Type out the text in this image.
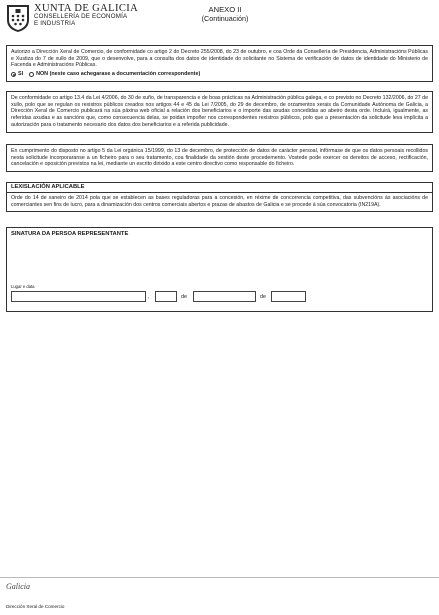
XUNTA DE GALICIA
CONSELLERÍA DE ECONOMÍA
E INDUSTRIA
ANEXO II
(Continuación)
Autorizo a Dirección Xeral de Comercio, de conformidade co artigo 2 do Decreto 255/2008, do 23 de outubro, e coa Orde da Consellería de Presidencia, Administracións Públicas e Xustiza do 7 de xullo de 2009, que o desenvolve, para a consulta dos datos de identidade do solicitante no Sistema de verificación de datos de identidade do Ministerio de Facenda e Administracións Públicas.
SI NON (neste caso achegarase a documentación correspondente)
De conformidade co artigo 13.4 da Lei 4/2006, do 30 de xuño, de transparencia e de boas prácticas na Administración pública galega, e co previsto no Decreto 132/2006, do 27 de xullo, polo que se regulan os rexistros públicos creados nos artigos 44 e 45 da Lei 7/2005, do 29 de decembro, de orzamentos xerais da Comunidade Autónoma de Galicia, a Dirección Xeral de Comercio publicará na súa páxina web oficial a relación dos beneficiarios e o importe das axudas concedidas ao abeiro desta orde. Incluirá, igualmente, as referidas axudas e as sancións que, como consecuencia delas, se poidan impoñer nos correspondentes rexistros públicos, polo que a presentación da solicitude leva implícita a autorización para o tratamento necesario dos datos dos beneficiarios e a referida publicidade.
En cumprimento do disposto no artigo 5 da Lei orgánica 15/1999, do 13 de decembro, de protección de datos de carácter persoal, infórmase de que os datos persoais recollidos nesta solicitude incorporaranse a un ficheiro para o seu tratamento, coa finalidade da xestión deste procedemento. Vostede pode exercer os dereitos de acceso, rectificación, cancelación e oposición previstos na lei, mediante un escrito dirixido a este centro directivo como responsable do ficheiro.
LEXISLACIÓN APLICABLE
Orde do 14 de xaneiro de 2014 pola que se establecen as bases reguladoras para a concesión, en réxime de concorrencia competitiva, das subvencións ás asociacións de comerciantes sen fins de lucro, para a dinamización dos centros comerciais abertos e prazas de abastos de Galicia e se procede á súa convocatoria (IN219A).
SINATURA DA PERSOA REPRESENTANTE
Lugar e data
,	de	de
Galicia
Dirección Xeral de Comercio
